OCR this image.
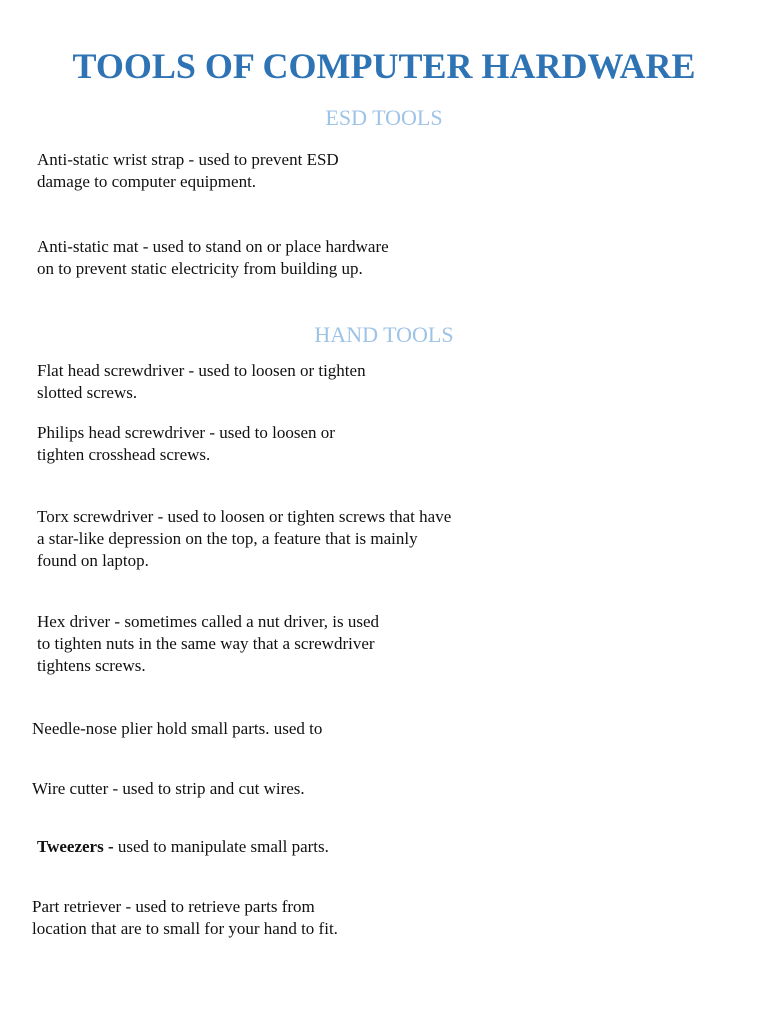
TOOLS OF COMPUTER HARDWARE
ESD TOOLS
Anti-static wrist strap - used to prevent ESD
damage to computer equipment.
Anti-static mat - used to stand on or place hardware
on to prevent static electricity from building up.
HAND TOOLS
Flat head screwdriver - used to loosen or tighten
slotted screws.
Philips head screwdriver - used to loosen or
tighten crosshead screws.
Torx screwdriver - used to loosen or tighten screws that have
a star-like depression on the top, a feature that is mainly
found on laptop.
Hex driver - sometimes called a nut driver, is used
to tighten nuts in the same way that a screwdriver
tightens screws.
Needle-nose plier hold small parts. used to
Wire cutter - used to strip and cut wires.
Tweezers - used to manipulate small parts.
Part retriever - used to retrieve parts from
location that are to small for your hand to fit.
